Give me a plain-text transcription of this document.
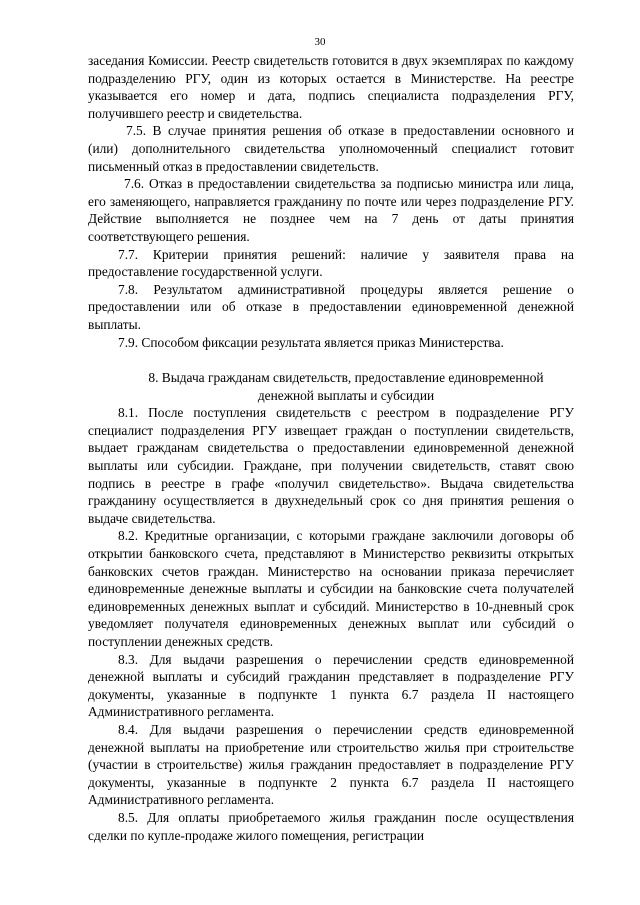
30

заседания Комиссии. Реестр свидетельств готовится в двух экземплярах по каждому подразделению РГУ, один из которых остается в Министерстве. На реестре указывается его номер и дата, подпись специалиста подразделения РГУ, получившего реестр и свидетельства.

7.5. В случае принятия решения об отказе в предоставлении основного и (или) дополнительного свидетельства уполномоченный специалист готовит письменный отказ в предоставлении свидетельств.

7.6. Отказ в предоставлении свидетельства за подписью министра или лица, его заменяющего, направляется гражданину по почте или через подразделение РГУ. Действие выполняется не позднее чем на 7 день от даты принятия соответствующего решения.

7.7. Критерии принятия решений: наличие у заявителя права на предоставление государственной услуги.

7.8. Результатом административной процедуры является решение о предоставлении или об отказе в предоставлении единовременной денежной выплаты.

7.9. Способом фиксации результата является приказ Министерства.

8. Выдача гражданам свидетельств, предоставление единовременной
денежной выплаты и субсидии

8.1. После поступления свидетельств с реестром в подразделение РГУ специалист подразделения РГУ извещает граждан о поступлении свидетельств, выдает гражданам свидетельства о предоставлении единовременной денежной выплаты или субсидии. Граждане, при получении свидетельств, ставят свою подпись в реестре в графе «получил свидетельство». Выдача свидетельства гражданину осуществляется в двухнедельный срок со дня принятия решения о выдаче свидетельства.

8.2. Кредитные организации, с которыми граждане заключили договоры об открытии банковского счета, представляют в Министерство реквизиты открытых банковских счетов граждан. Министерство на основании приказа перечисляет единовременные денежные выплаты и субсидии на банковские счета получателей единовременных денежных выплат и субсидий. Министерство в 10-дневный срок уведомляет получателя единовременных денежных выплат или субсидий о поступлении денежных средств.

8.3. Для выдачи разрешения о перечислении средств единовременной денежной выплаты и субсидий гражданин представляет в подразделение РГУ документы, указанные в подпункте 1 пункта 6.7 раздела II настоящего Административного регламента.

8.4. Для выдачи разрешения о перечислении средств единовременной денежной выплаты на приобретение или строительство жилья при строительстве (участии в строительстве) жилья гражданин предоставляет в подразделение РГУ документы, указанные в подпункте 2 пункта 6.7 раздела II настоящего Административного регламента.

8.5. Для оплаты приобретаемого жилья гражданин после осуществления сделки по купле-продаже жилого помещения, регистрации
